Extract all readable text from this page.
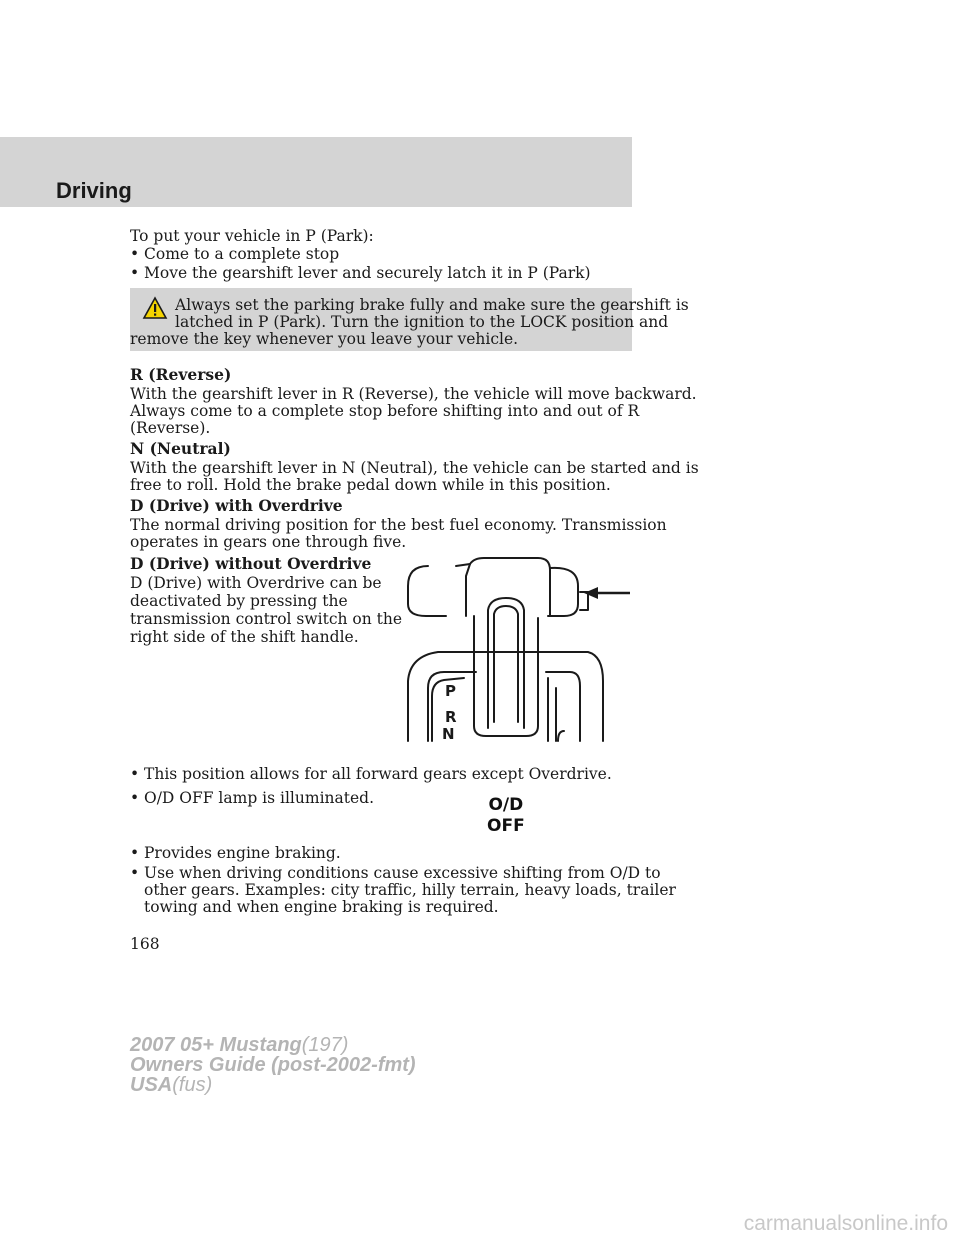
Driving
To put your vehicle in P (Park):
• Come to a complete stop
• Move the gearshift lever and securely latch it in P (Park)
Always set the parking brake fully and make sure the gearshift is
latched in P (Park). Turn the ignition to the LOCK position and
remove the key whenever you leave your vehicle.
R (Reverse)
With the gearshift lever in R (Reverse), the vehicle will move backward.
Always come to a complete stop before shifting into and out of R
(Reverse).
N (Neutral)
With the gearshift lever in N (Neutral), the vehicle can be started and is
free to roll. Hold the brake pedal down while in this position.
D (Drive) with Overdrive
The normal driving position for the best fuel economy. Transmission
operates in gears one through five.
D (Drive) without Overdrive
D (Drive) with Overdrive can be
deactivated by pressing the
transmission control switch on the
right side of the shift handle.
P
R
N
• This position allows for all forward gears except Overdrive.
• O/D OFF lamp is illuminated.	O/D
OFF
• Provides engine braking.
• Use when driving conditions cause excessive shifting from O/D to
other gears. Examples: city traffic, hilly terrain, heavy loads, trailer
towing and when engine braking is required.
168
2007 05+ Mustang(197)
Owners Guide (post-2002-fmt)
USA(fus)
carmanualsonline.info
